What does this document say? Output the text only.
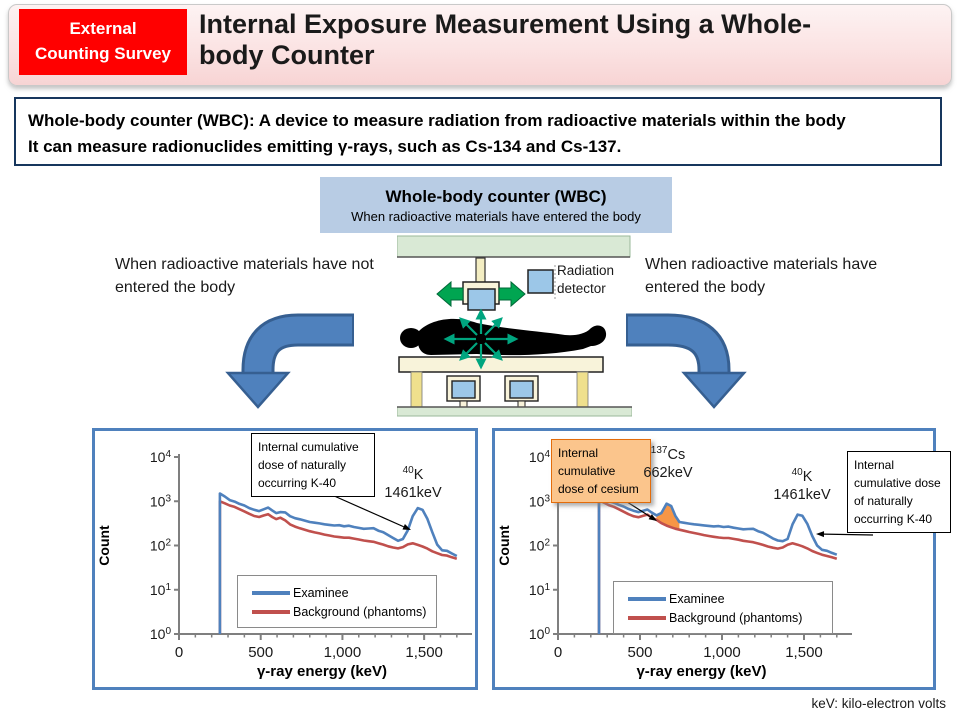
External
Counting Survey
Internal Exposure Measurement Using a Whole-body Counter
Whole-body counter (WBC): A device to measure radiation from radioactive materials within the body
It can measure radionuclides emitting γ-rays, such as Cs-134 and Cs-137.
Whole-body counter (WBC)
When radioactive materials have entered the body
When radioactive materials have not entered the body
When radioactive materials have entered the body
Radiation detector
$10^0$
$10^1$
$10^2$
$10^3$
$10^4$
0	500	1,000	1,500
γ-ray energy (keV)
Count
Internal cumulative dose of naturally occurring K-40
$^{40}$K
1461keV
Examinee
Background (phantoms)
$10^0$
$10^1$
$10^2$
$10^3$
$10^4$
0	500	1,000	1,500
γ-ray energy (keV)
Count
Internal cumulative dose of cesium
Internal cumulative dose of naturally occurring K-40
$^{137}$Cs
662keV	$^{40}$K
1461keV
Examinee
Background (phantoms)
keV: kilo-electron volts
